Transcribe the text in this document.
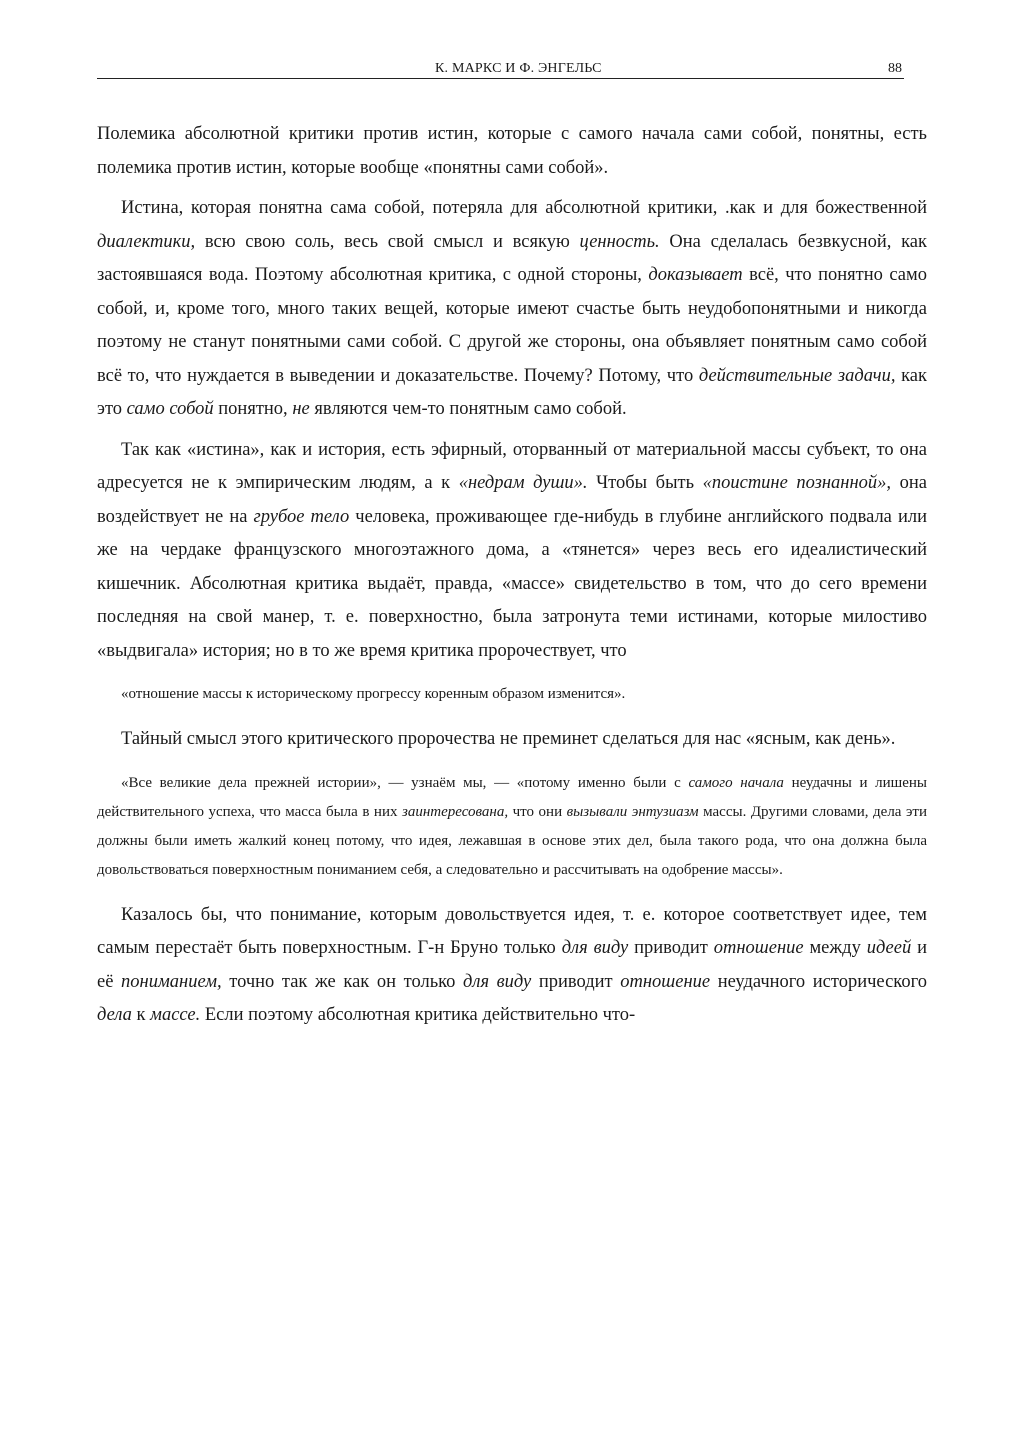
К. МАРКС И Ф. ЭНГЕЛЬС	88

Полемика абсолютной критики против истин, которые с самого начала сами собой, понятны, есть полемика против истин, которые вообще «понятны сами собой».

Истина, которая понятна сама собой, потеряла для абсолютной критики, .как и для божественной диалектики, всю свою соль, весь свой смысл и всякую ценность. Она сделалась безвкусной, как застоявшаяся вода. Поэтому абсолютная критика, с одной стороны, доказывает всё, что понятно само собой, и, кроме того, много таких вещей, которые имеют счастье быть неудобопонятными и никогда поэтому не станут понятными сами собой. С другой же стороны, она объявляет понятным само собой всё то, что нуждается в выведении и доказательстве. Почему? Потому, что действительные задачи, как это само собой понятно, не являются чем-то понятным само собой.

Так как «истина», как и история, есть эфирный, оторванный от материальной массы субъект, то она адресуется не к эмпирическим людям, а к «недрам души». Чтобы быть «поистине познанной», она воздействует не на грубое тело человека, проживающее где-нибудь в глубине английского подвала или же на чердаке французского многоэтажного дома, а «тянется» через весь его идеалистический кишечник. Абсолютная критика выдаёт, правда, «массе» свидетельство в том, что до сего времени последняя на свой манер, т. е. поверхностно, была затронута теми истинами, которые милостиво «выдвигала» история; но в то же время критика пророчествует, что

«отношение массы к историческому прогрессу коренным образом изменится».

Тайный смысл этого критического пророчества не преминет сделаться для нас «ясным, как день».

«Все великие дела прежней истории», — узнаём мы, — «потому именно были с самого начала неудачны и лишены действительного успеха, что масса была в них заинтересована, что они вызывали энтузиазм массы. Другими словами, дела эти должны были иметь жалкий конец потому, что идея, лежавшая в основе этих дел, была такого рода, что она должна была довольствоваться поверхностным пониманием себя, а следовательно и рассчитывать на одобрение массы».

Казалось бы, что понимание, которым довольствуется идея, т. е. которое соответствует идее, тем самым перестаёт быть поверхностным. Г-н Бруно только для виду приводит отношение между идеей и её пониманием, точно так же как он только для виду приводит отношение неудачного исторического дела к массе. Если поэтому абсолютная критика действительно что-
